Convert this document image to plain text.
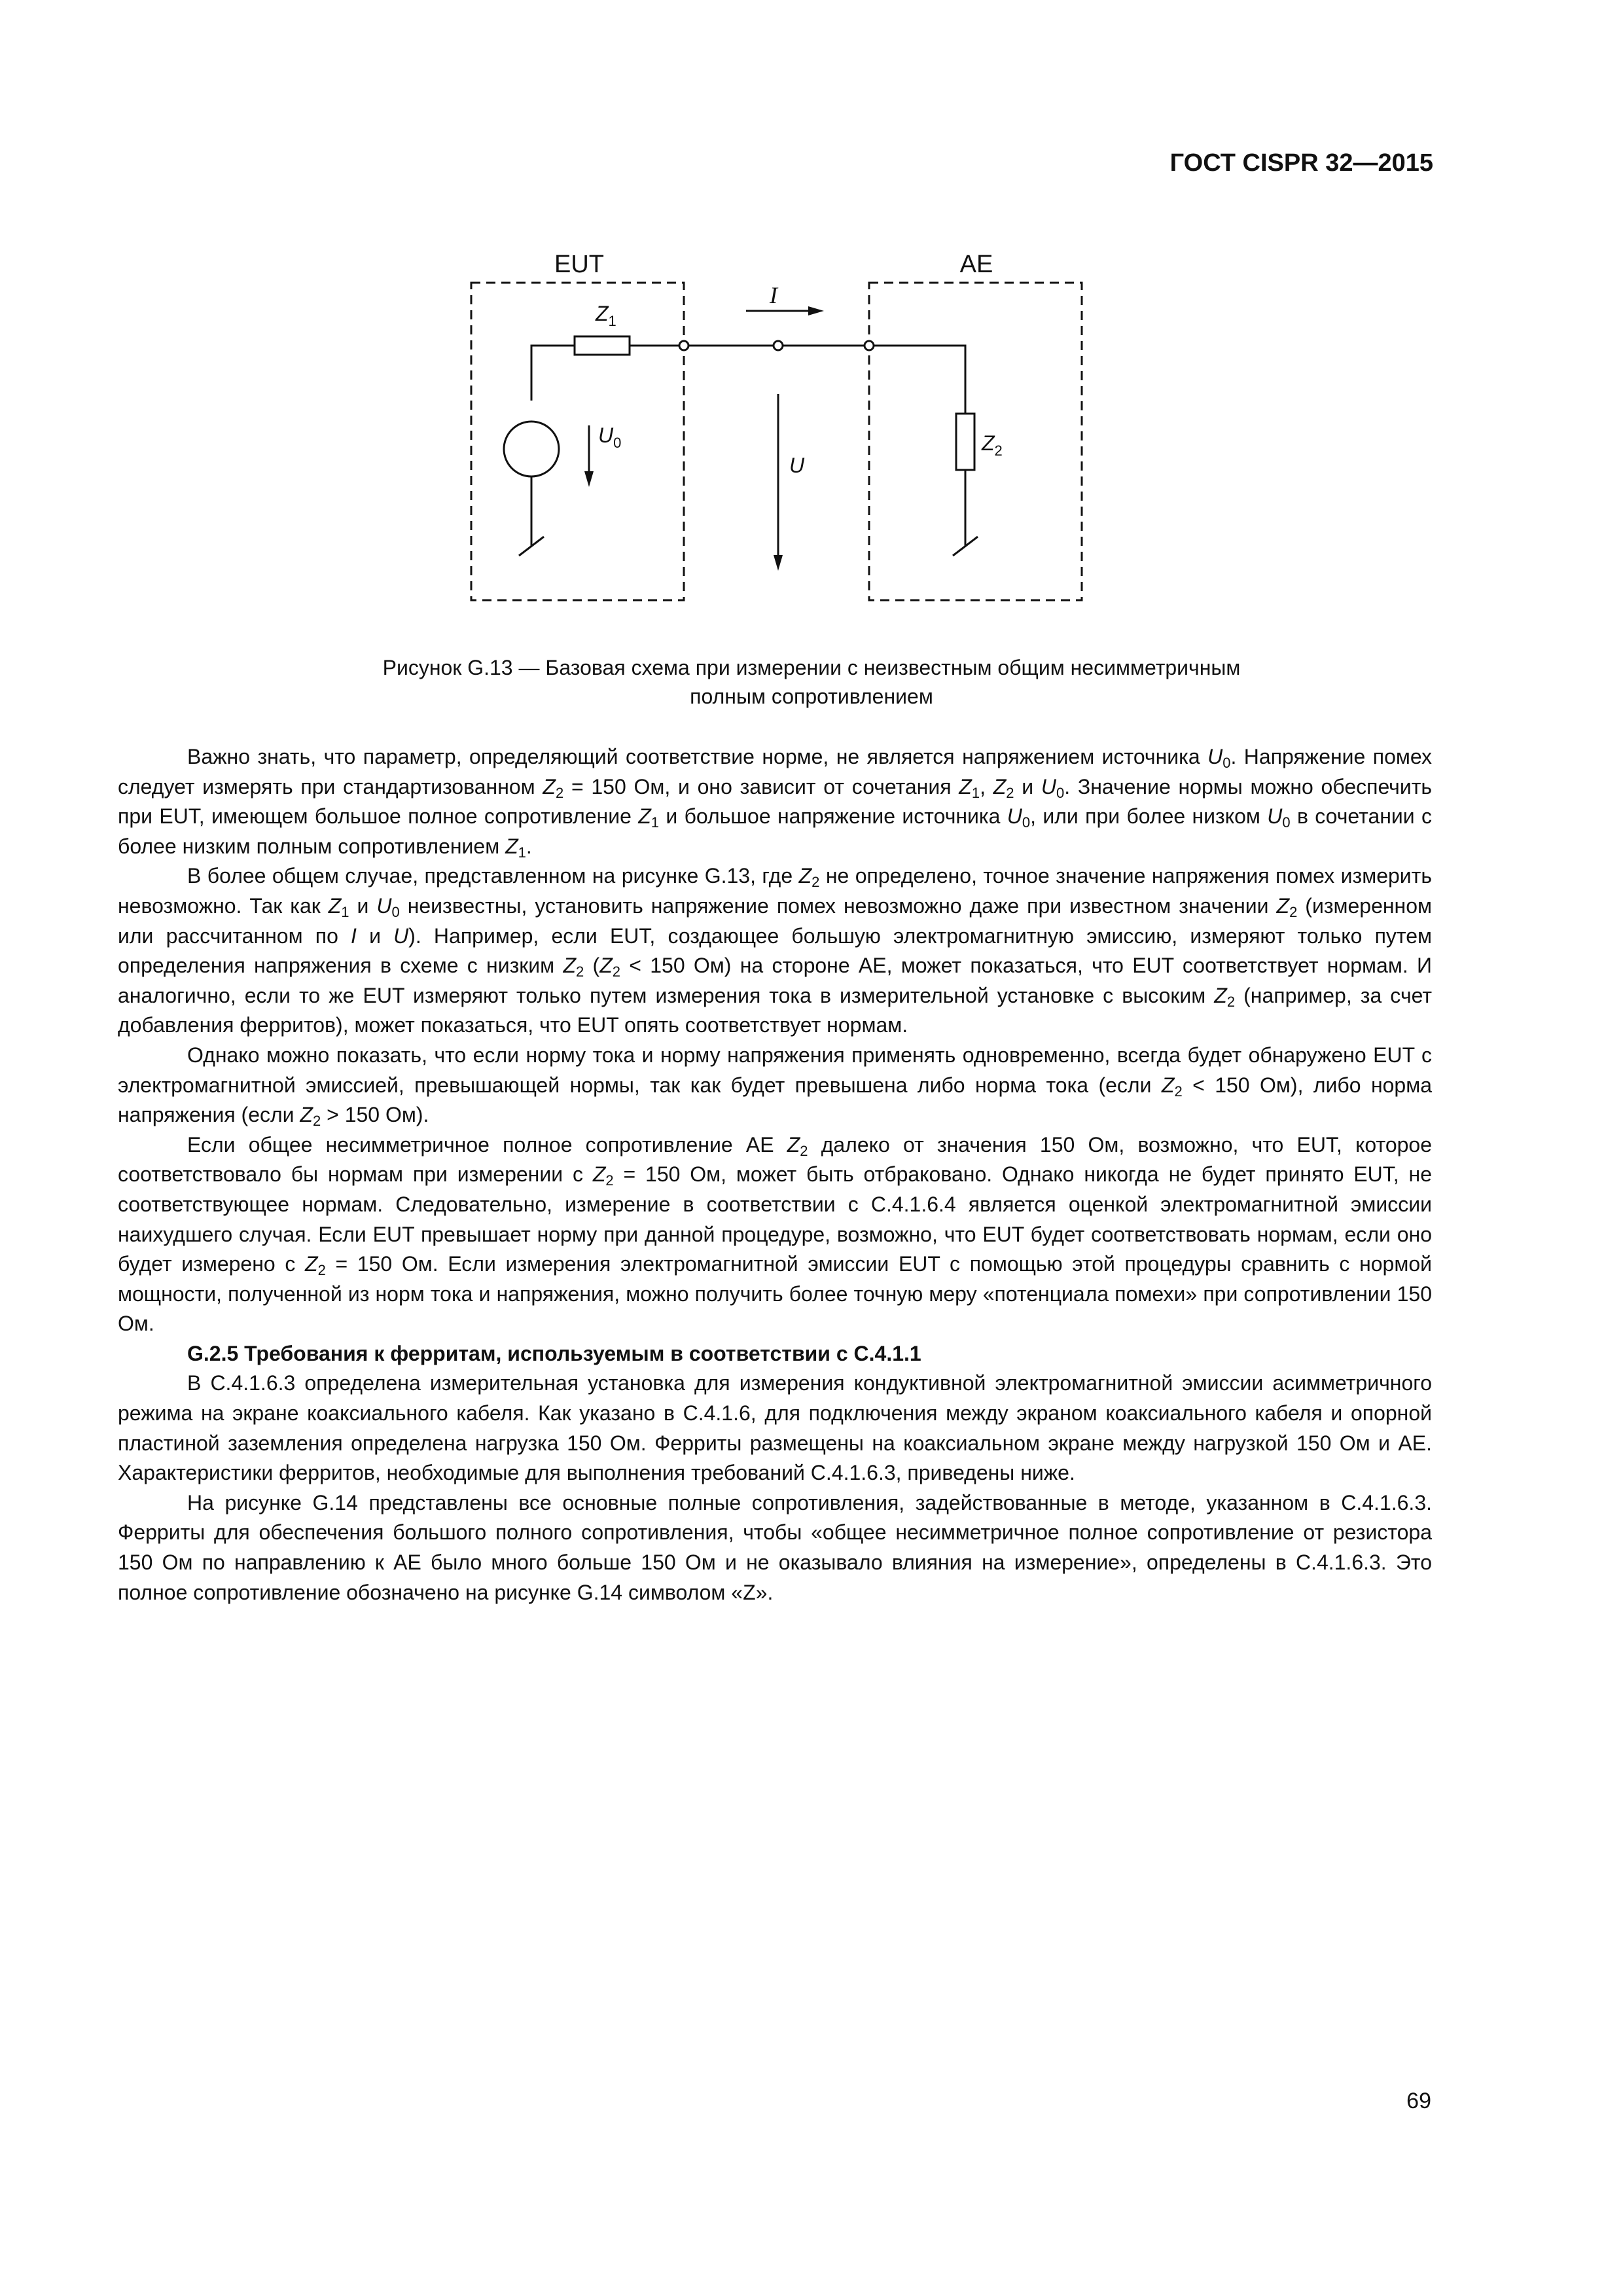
ГОСТ CISPR 32—2015
EUT	AE
I
$Z_1$
$U_0$
U
$Z_2$
Рисунок G.13 — Базовая схема при измерении с неизвестным общим несимметричным
полным сопротивлением

Важно знать, что параметр, определяющий соответствие норме, не является напряжением источника $U_0$. Напряжение помех следует измерять при стандартизованном $Z_2 = 150$ Ом, и оно зависит от сочетания $Z_1$, $Z_2$ и $U_0$. Значение нормы можно обеспечить при EUT, имеющем большое полное сопротивление $Z_1$ и большое напряжение источника $U_0$, или при более низком $U_0$ в сочетании с более низким полным сопротивлением $Z_1$.

В более общем случае, представленном на рисунке G.13, где $Z_2$ не определено, точное значение напряжения помех измерить невозможно. Так как $Z_1$ и $U_0$ неизвестны, установить напряжение помех невозможно даже при известном значении $Z_2$ (измеренном или рассчитанном по I и U). Например, если EUT, создающее большую электромагнитную эмиссию, измеряют только путем определения напряжения в схеме с низким $Z_2$ ($Z_2 < 150$ Ом) на стороне AE, может показаться, что EUT соответствует нормам. И аналогично, если то же EUT измеряют только путем измерения тока в измерительной установке с высоким $Z_2$ (например, за счет добавления ферритов), может показаться, что EUT опять соответствует нормам.

Однако можно показать, что если норму тока и норму напряжения применять одновременно, всегда будет обнаружено EUT с электромагнитной эмиссией, превышающей нормы, так как будет превышена либо норма тока (если $Z_2 < 150$ Ом), либо норма напряжения (если $Z_2 > 150$ Ом).

Если общее несимметричное полное сопротивление AE $Z_2$ далеко от значения 150 Ом, возможно, что EUT, которое соответствовало бы нормам при измерении с $Z_2 = 150$ Ом, может быть отбраковано. Однако никогда не будет принято EUT, не соответствующее нормам. Следовательно, измерение в соответствии с С.4.1.6.4 является оценкой электромагнитной эмиссии наихудшего случая. Если EUT превышает норму при данной процедуре, возможно, что EUT будет соответствовать нормам, если оно будет измерено с $Z_2 = 150$ Ом. Если измерения электромагнитной эмиссии EUT с помощью этой процедуры сравнить с нормой мощности, полученной из норм тока и напряжения, можно получить более точную меру «потенциала помехи» при сопротивлении 150 Ом.

G.2.5 Требования к ферритам, используемым в соответствии с С.4.1.1

В С.4.1.6.3 определена измерительная установка для измерения кондуктивной электромагнитной эмиссии асимметричного режима на экране коаксиального кабеля. Как указано в С.4.1.6, для подключения между экраном коаксиального кабеля и опорной пластиной заземления определена нагрузка 150 Ом. Ферриты размещены на коаксиальном экране между нагрузкой 150 Ом и AE. Характеристики ферритов, необходимые для выполнения требований С.4.1.6.3, приведены ниже.

На рисунке G.14 представлены все основные полные сопротивления, задействованные в методе, указанном в С.4.1.6.3. Ферриты для обеспечения большого полного сопротивления, чтобы «общее несимметричное полное сопротивление от резистора 150 Ом по направлению к AE было много больше 150 Ом и не оказывало влияния на измерение», определены в С.4.1.6.3. Это полное сопротивление обозначено на рисунке G.14 символом «Z».

69
